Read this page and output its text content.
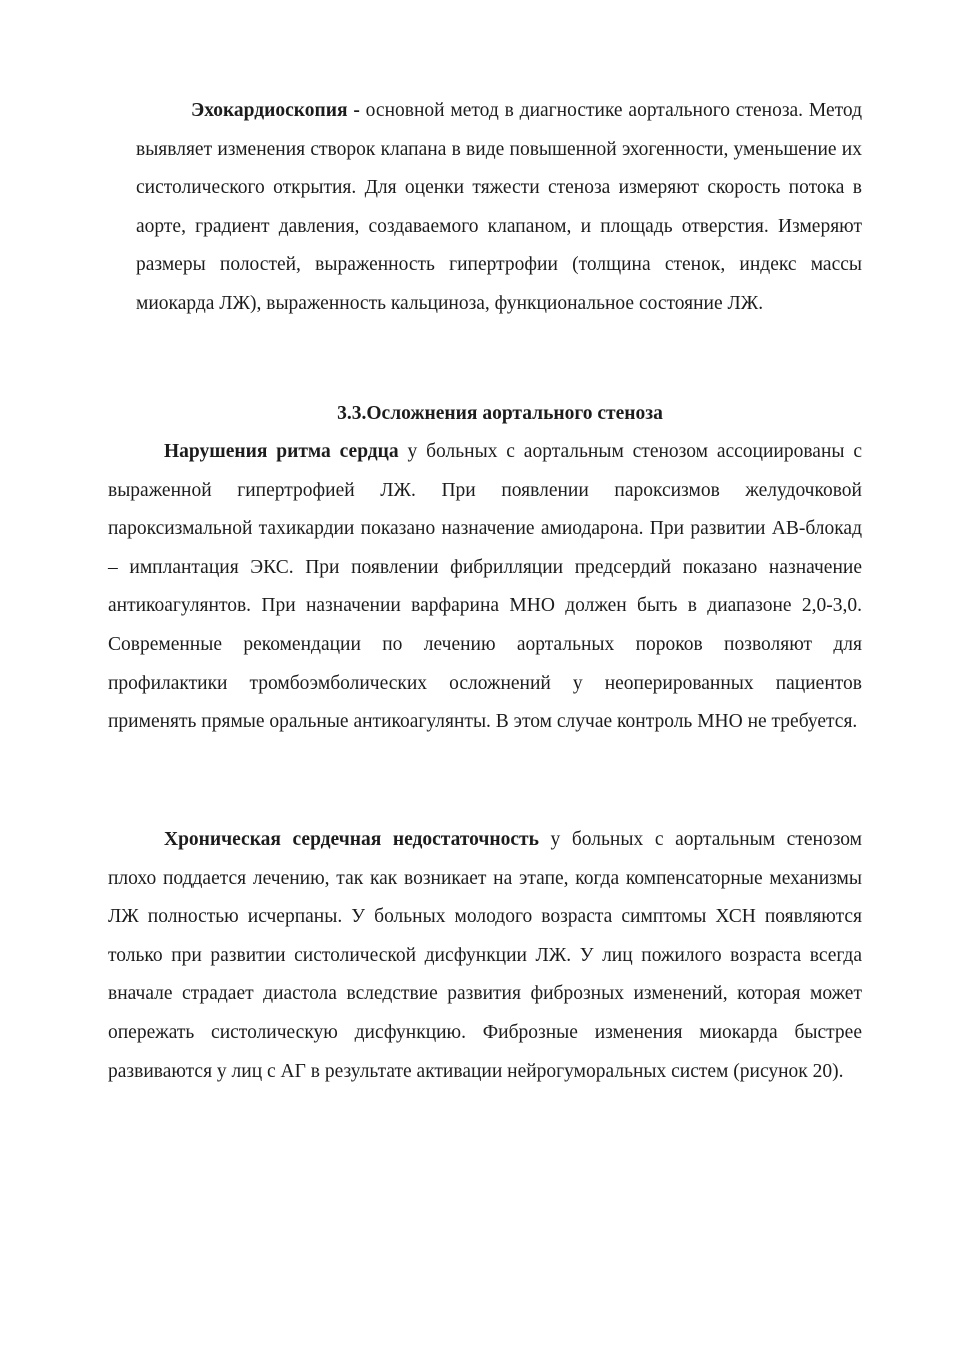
Эхокардиоскопия - основной метод в диагностике аортального стеноза. Метод выявляет изменения створок клапана в виде повышенной эхогенности, уменьшение их систолического открытия. Для оценки тяжести стеноза измеряют скорость потока в аорте, градиент давления, создаваемого клапаном, и площадь отверстия. Измеряют размеры полостей, выраженность гипертрофии (толщина стенок, индекс массы миокарда ЛЖ), выраженность кальциноза, функциональное состояние ЛЖ.

3.3.Осложнения аортального стеноза

Нарушения ритма сердца у больных с аортальным стенозом ассоциированы с выраженной гипертрофией ЛЖ. При появлении пароксизмов желудочковой пароксизмальной тахикардии показано назначение амиодарона. При развитии АВ-блокад – имплантация ЭКС. При появлении фибрилляции предсердий показано назначение антикоагулянтов. При назначении варфарина МНО должен быть в диапазоне 2,0-3,0. Современные рекомендации по лечению аортальных пороков позволяют для профилактики тромбоэмболических осложнений у неоперированных пациентов применять прямые оральные антикоагулянты. В этом случае контроль МНО не требуется.

Хроническая сердечная недостаточность у больных с аортальным стенозом плохо поддается лечению, так как возникает на этапе, когда компенсаторные механизмы ЛЖ полностью исчерпаны. У больных молодого возраста симптомы ХСН появляются только при развитии систолической дисфункции ЛЖ. У лиц пожилого возраста всегда вначале страдает диастола вследствие развития фиброзных изменений, которая может опережать систолическую дисфункцию. Фиброзные изменения миокарда быстрее развиваются у лиц с АГ в результате активации нейрогуморальных систем (рисунок 20).
